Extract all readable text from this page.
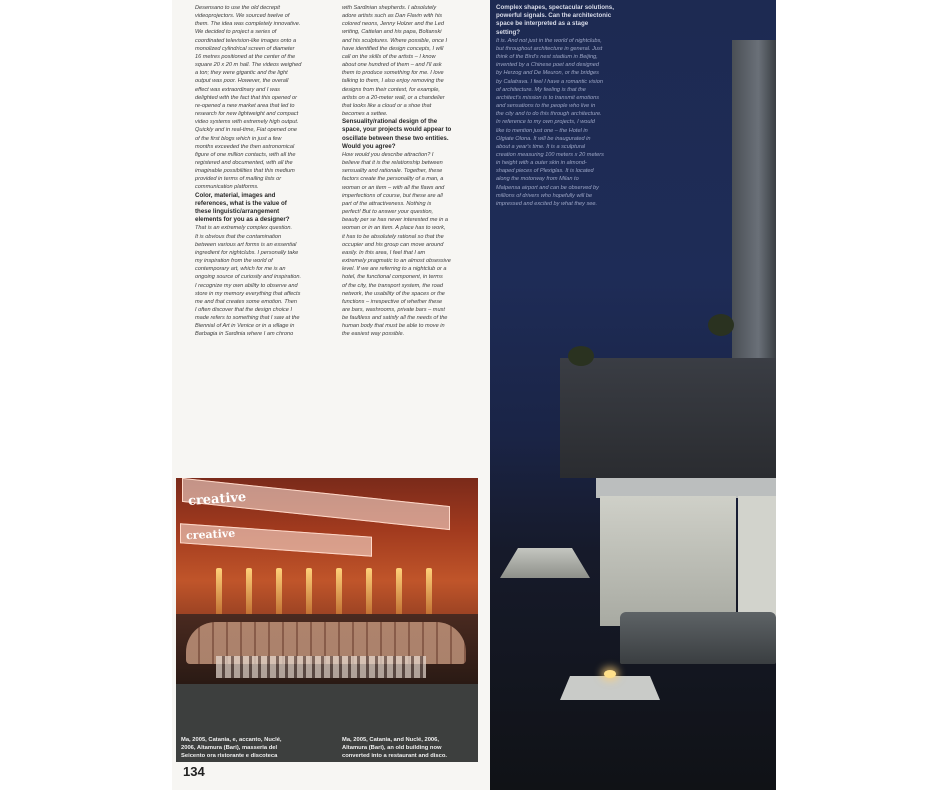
Desensano to use the old decrepit
videoprojectors. We sourced twelve of
them. The idea was completely innovative.
We decided to project a series of
coordinated television-like images onto a
monolized cylindrical screen of diameter
16 metres positioned at the center of the
square 20 x 20 m hall. The videos weighed
a ton; they were gigantic and the light
output was poor. However, the overall
effect was extraordinary and I was
delighted with the fact that this opened or
re-opened a new market area that led to
research for new lightweight and compact
video systems with extremely high output.
Quickly and in real-time, Fiat opened one
of the first blogs which in just a few
months exceeded the then astronomical
figure of one million contacts, with all the
registered and documented, with all the
imaginable possibilities that this medium
provided in terms of mailing lists or
communication platforms.

Color, material, images and
references, what is the value of
these linguistic/arrangement
elements for you as a designer?

That is an extremely complex question.
It is obvious that the contamination
between various art forms is an essential
ingredient for nightclubs. I personally take
my inspiration from the world of
contemporary art, which for me is an
ongoing source of curiosity and inspiration.
I recognize my own ability to observe and
store in my memory everything that affects
me and that creates some emotion. Then
I often discover that the design choice I
made refers to something that I saw at the
Biennial of Art in Venice or in a village in
Barbagia in Sardinia where I am chrono

with Sardinian shepherds. I absolutely
adore artists such as Dan Flavin with his
colored neons, Jenny Holzer and the Led
writing, Cattelan and his papa, Boltanski
and his sculptures. Where possible, once I
have identified the design concepts, I will
call on the skills of the artists – I know
about one hundred of them – and I'll ask
them to produce something for me. I love
talking to them, I also enjoy removing the
designs from their context, for example,
artists on a 20-meter wall, or a chandelier
that looks like a cloud or a shoe that
becomes a settee.

Sensuality/rational design of the
space, your projects would appear to
oscillate between these two entities.
Would you agree?

How would you describe attraction? I
believe that it is the relationship between
sensuality and rationale. Together, these
factors create the personality of a man, a
woman or an item – with all the flaws and
imperfections of course, but these are all
part of the attractiveness. Nothing is
perfect! But to answer your question,
beauty per se has never interested me in a
woman or in an item. A place has to work,
it has to be absolutely rational so that the
occupier and his group can move around
easily. In this area, I feel that I am
extremely pragmatic to an almost obsessive
level. If we are referring to a nightclub or a
hotel, the functional component, in terms
of the city, the transport system, the road
network, the usability of the spaces or the
functions – irrespective of whether these
are bars, washrooms, private bars – must
be faultless and satisfy all the needs of the
human body that must be able to move in
the easiest way possible.

Complex shapes, spectacular solutions,
powerful signals. Can the architectonic
space be interpreted as a stage
setting?

It is. And not just in the world of nightclubs,
but throughout architecture in general. Just
think of the Bird's nest stadium in Beijing,
invented by a Chinese poet and designed
by Herzog and De Meuron, or the bridges
by Calatrava. I feel I have a romantic vision
of architecture. My feeling is that the
architect's mission is to transmit emotions
and sensations to the people who live in
the city and to do this through architecture.
In reference to my own projects, I would
like to mention just one – the Hotel in
Olgiate Olona. It will be inaugurated in
about a year's time. It is a sculptural
creation measuring 100 meters x 20 meters
in height with a outer skin in almond-
shaped pieces of Plexiglas. It is located
along the motorway from Milan to
Malpensa airport and can be observed by
millions of drivers who hopefully will be
impressed and excited by what they see.

creative
creative
Ma, 2005, Catania, e, accanto, Nuclé,
2006, Altamura (Bari), masseria del
Seicento ora ristorante e discoteca
Ma, 2005, Catania, and Nuclé, 2006,
Altamura (Bari), an old building now
converted into a restaurant and disco.
134
